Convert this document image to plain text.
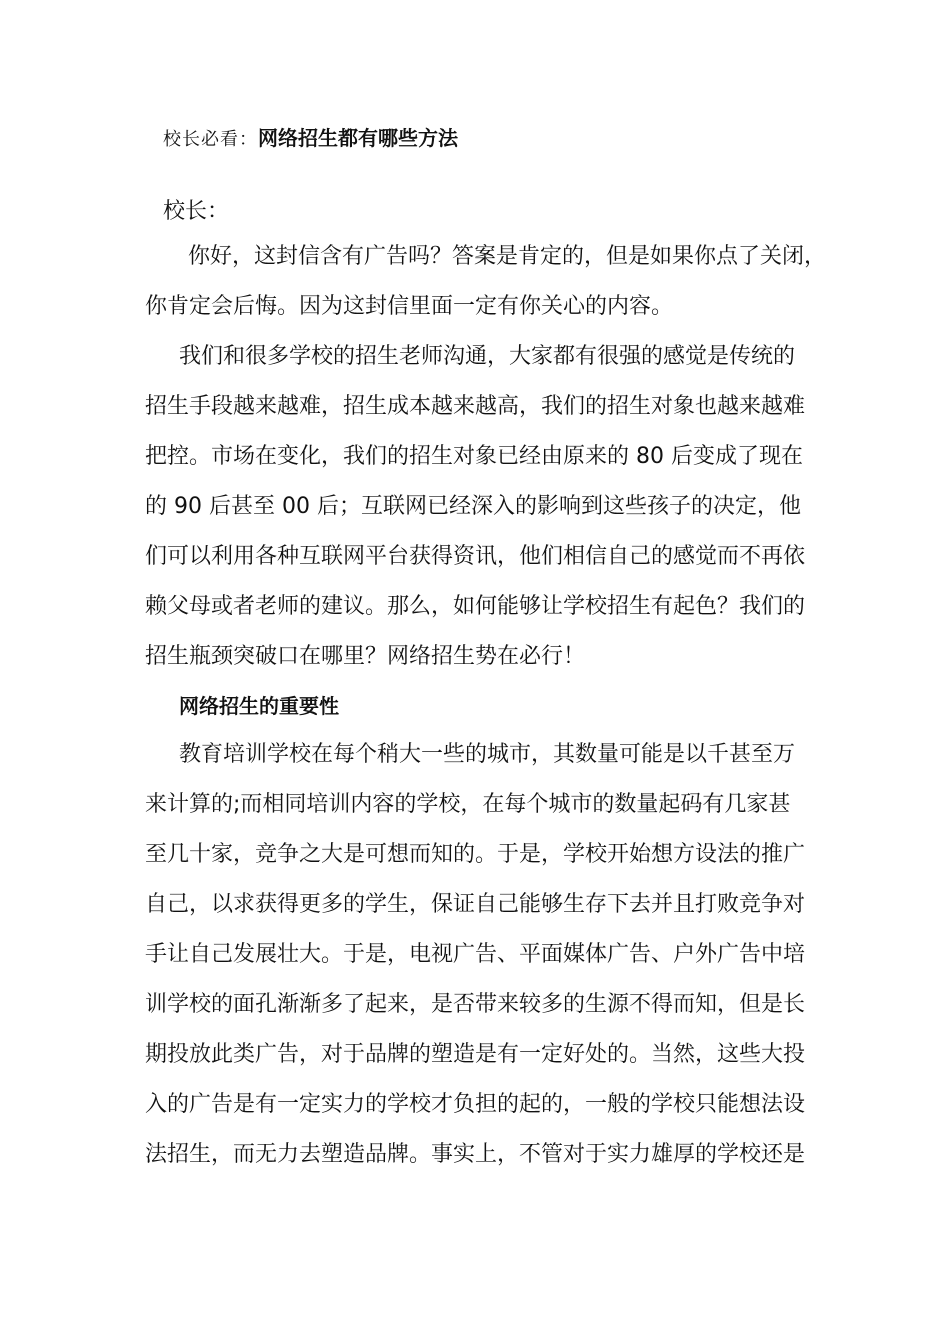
校长必看：网络招生都有哪些方法
校长：
你好，这封信含有广告吗？答案是肯定的，但是如果你点了关闭，
你肯定会后悔。因为这封信里面一定有你关心的内容。
我们和很多学校的招生老师沟通，大家都有很强的感觉是传统的
招生手段越来越难，招生成本越来越高，我们的招生对象也越来越难
把控。市场在变化，我们的招生对象已经由原来的 80 后变成了现在
的 90 后甚至 00 后；互联网已经深入的影响到这些孩子的决定，他
们可以利用各种互联网平台获得资讯，他们相信自己的感觉而不再依
赖父母或者老师的建议。那么，如何能够让学校招生有起色？我们的
招生瓶颈突破口在哪里？网络招生势在必行！
网络招生的重要性
教育培训学校在每个稍大一些的城市，其数量可能是以千甚至万
来计算的;而相同培训内容的学校，在每个城市的数量起码有几家甚
至几十家，竞争之大是可想而知的。于是，学校开始想方设法的推广
自己，以求获得更多的学生，保证自己能够生存下去并且打败竞争对
手让自己发展壮大。于是，电视广告、平面媒体广告、户外广告中培
训学校的面孔渐渐多了起来，是否带来较多的生源不得而知，但是长
期投放此类广告，对于品牌的塑造是有一定好处的。当然，这些大投
入的广告是有一定实力的学校才负担的起的，一般的学校只能想法设
法招生，而无力去塑造品牌。事实上，不管对于实力雄厚的学校还是
